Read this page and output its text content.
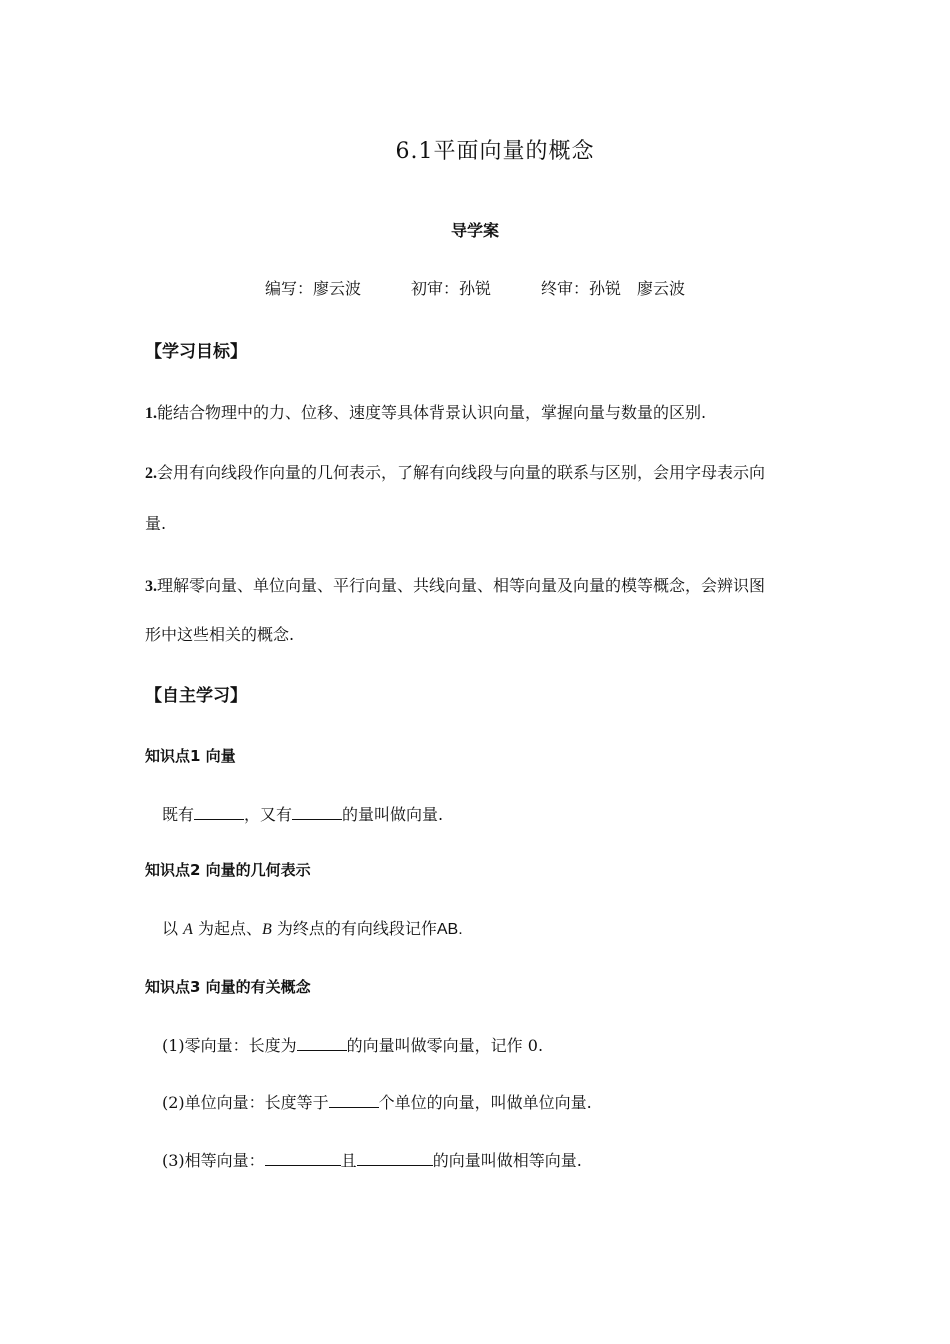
6.1平面向量的概念
导学案
编写：廖云波	初审：孙锐	终审：孙锐 廖云波
【学习目标】
1.能结合物理中的力、位移、速度等具体背景认识向量，掌握向量与数量的区别.
2.会用有向线段作向量的几何表示，了解有向线段与向量的联系与区别，会用字母表示向
量.
3.理解零向量、单位向量、平行向量、共线向量、相等向量及向量的模等概念，会辨识图
形中这些相关的概念.
【自主学习】
知识点1 向量
既有	，又有	的量叫做向量.
知识点2 向量的几何表示
以 A 为起点、B 为终点的有向线段记作AB.
知识点3 向量的有关概念
(1)零向量：长度为	的向量叫做零向量，记作 0.
(2)单位向量：长度等于	个单位的向量，叫做单位向量.
(3)相等向量：	且	的向量叫做相等向量.
